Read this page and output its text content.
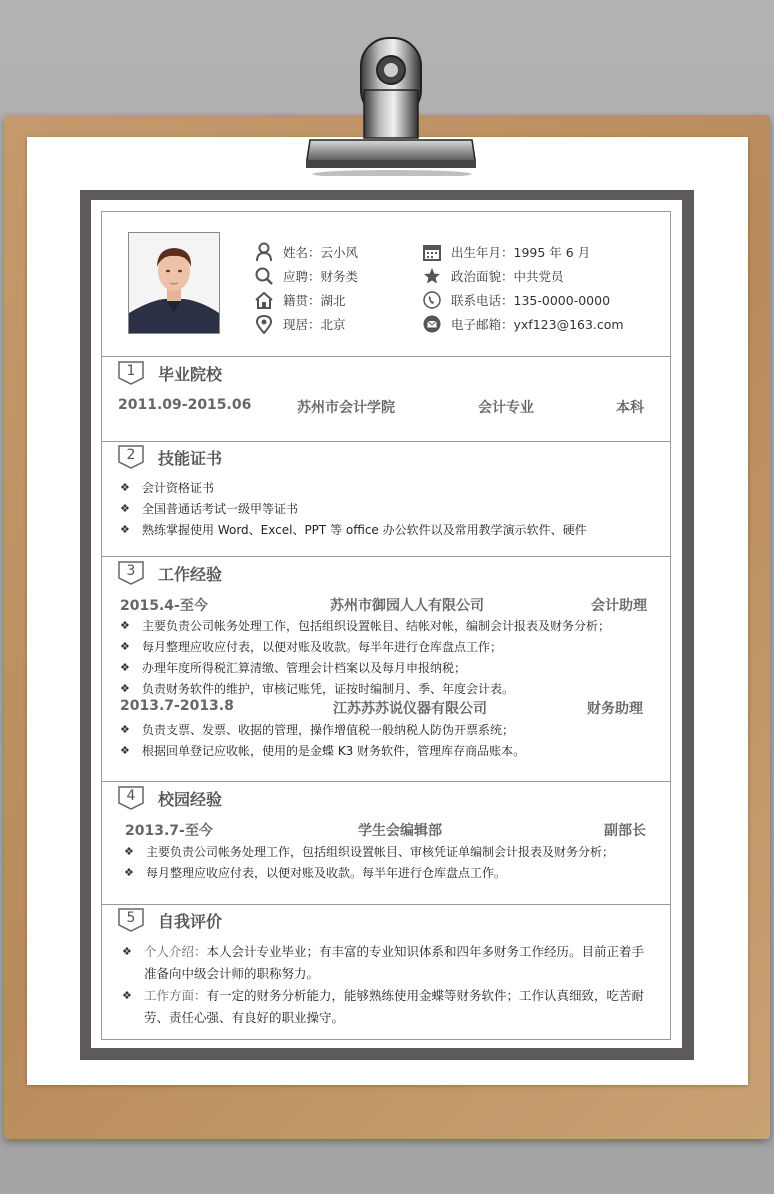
姓名： 云小风
应聘： 财务类
籍贯： 湖北
现居： 北京
出生年月： 1995 年 6 月
政治面貌： 中共党员
联系电话： 135-0000-0000
电子邮箱： yxf123@163.com
1	毕业院校
2011.09-2015.06	苏州市会计学院	会计专业	本科
2	技能证书
❖	会计资格证书
❖	全国普通话考试一级甲等证书
❖	熟练掌握使用 Word、Excel、PPT 等 office 办公软件以及常用教学演示软件、硬件
3	工作经验
2015.4-至今	苏州市御园人人有限公司	会计助理
❖	主要负责公司帐务处理工作，包括组织设置帐目、结帐对帐，编制会计报表及财务分析；
❖	每月整理应收应付表，以便对账及收款。每半年进行仓库盘点工作；
❖	办理年度所得税汇算清缴、管理会计档案以及每月申报纳税；
❖	负责财务软件的维护，审核记账凭，证按时编制月、季、年度会计表。
2013.7-2013.8	江苏苏苏说仪器有限公司	财务助理
❖	负责支票、发票、收据的管理，操作增值税一般纳税人防伪开票系统；
❖	根据回单登记应收帐，使用的是金蝶 K3 财务软件，管理库存商品账本。
4	校园经验
2013.7-至今	学生会编辑部	副部长
❖	主要负责公司帐务处理工作，包括组织设置帐目、审核凭证单编制会计报表及财务分析；
❖	每月整理应收应付表，以便对账及收款。每半年进行仓库盘点工作。
5	自我评价
❖ 个人介绍：本人会计专业毕业；有丰富的专业知识体系和四年多财务工作经历。目前正着手准备向中级会计师的职称努力。
❖ 工作方面：有一定的财务分析能力，能够熟练使用金蝶等财务软件；工作认真细致，吃苦耐劳、责任心强、有良好的职业操守。
